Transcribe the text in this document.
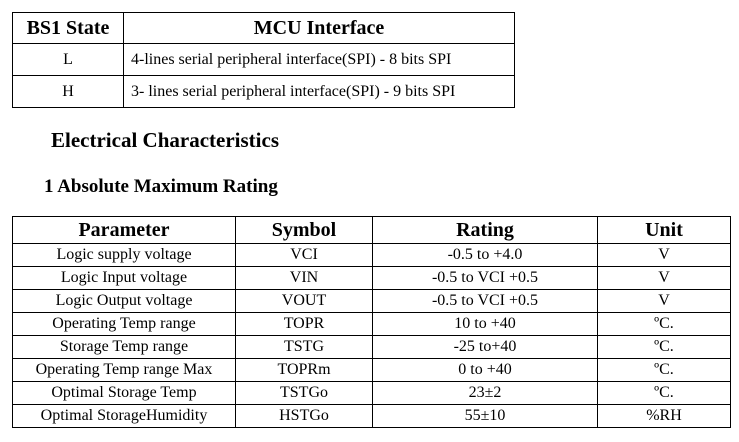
BS1 State	MCU Interface
L	4-lines serial peripheral interface(SPI) - 8 bits SPI
H	3- lines serial peripheral interface(SPI) - 9 bits SPI
Electrical Characteristics
1 Absolute Maximum Rating
Parameter	Symbol	Rating	Unit
Logic supply voltage	VCI	-0.5 to +4.0	V
Logic Input voltage	VIN	-0.5 to VCI +0.5	V
Logic Output voltage	VOUT	-0.5 to VCI +0.5	V
Operating Temp range	TOPR	10 to +40	ºC.
Storage Temp range	TSTG	-25 to+40	ºC.
Operating Temp range Max	TOPRm	0 to +40	ºC.
Optimal Storage Temp	TSTGo	23±2	ºC.
Optimal StorageHumidity	HSTGo	55±10	%RH
